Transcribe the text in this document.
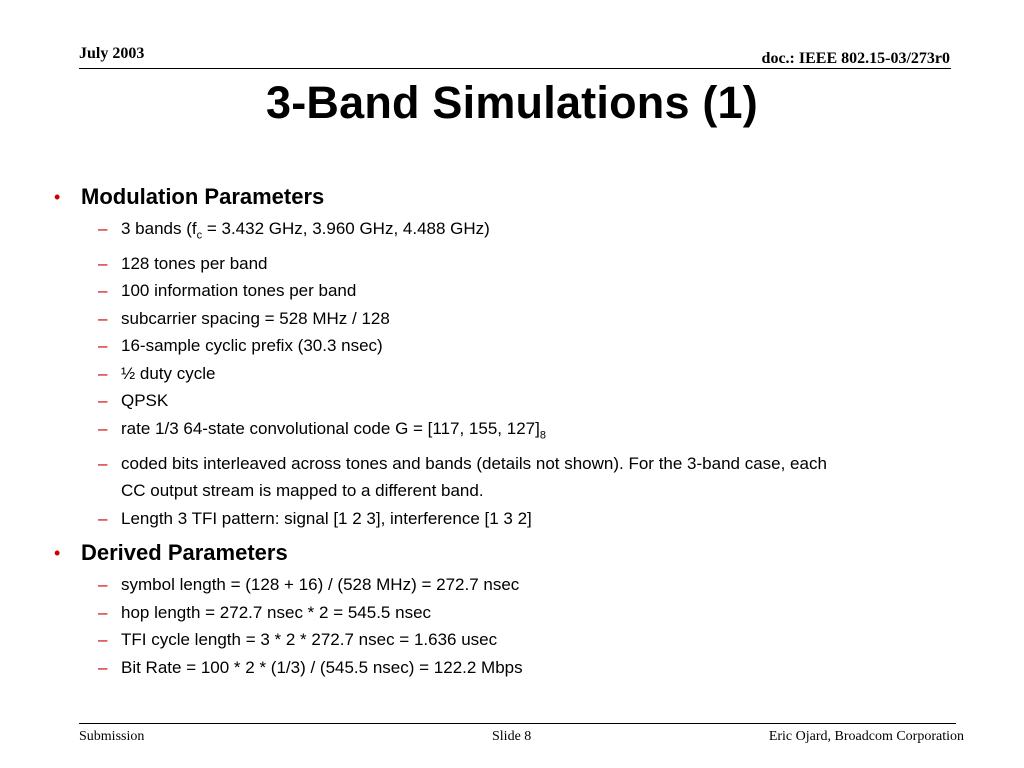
July 2003	doc.: IEEE 802.15-03/273r0
3-Band Simulations (1)
• Modulation Parameters
– 3 bands ($f_c = 3.432$ GHz, 3.960 GHz, 4.488 GHz)
– 128 tones per band
– 100 information tones per band
– subcarrier spacing = 528 MHz / 128
– 16-sample cyclic prefix (30.3 nsec)
– ½ duty cycle
– QPSK
– rate 1/3 64-state convolutional code G = [117, 155, $127]_8$
– coded bits interleaved across tones and bands (details not shown). For the 3-band case, each
CC output stream is mapped to a different band.
– Length 3 TFI pattern: signal [1 2 3], interference [1 3 2]
• Derived Parameters
– symbol length = (128 + 16) / (528 MHz) = 272.7 nsec
– hop length = 272.7 nsec * 2 = 545.5 nsec
– TFI cycle length = 3 * 2 * 272.7 nsec = 1.636 usec
– Bit Rate = 100 * 2 * (1/3) / (545.5 nsec) = 122.2 Mbps
Submission	Slide 8	Eric Ojard, Broadcom Corporation
